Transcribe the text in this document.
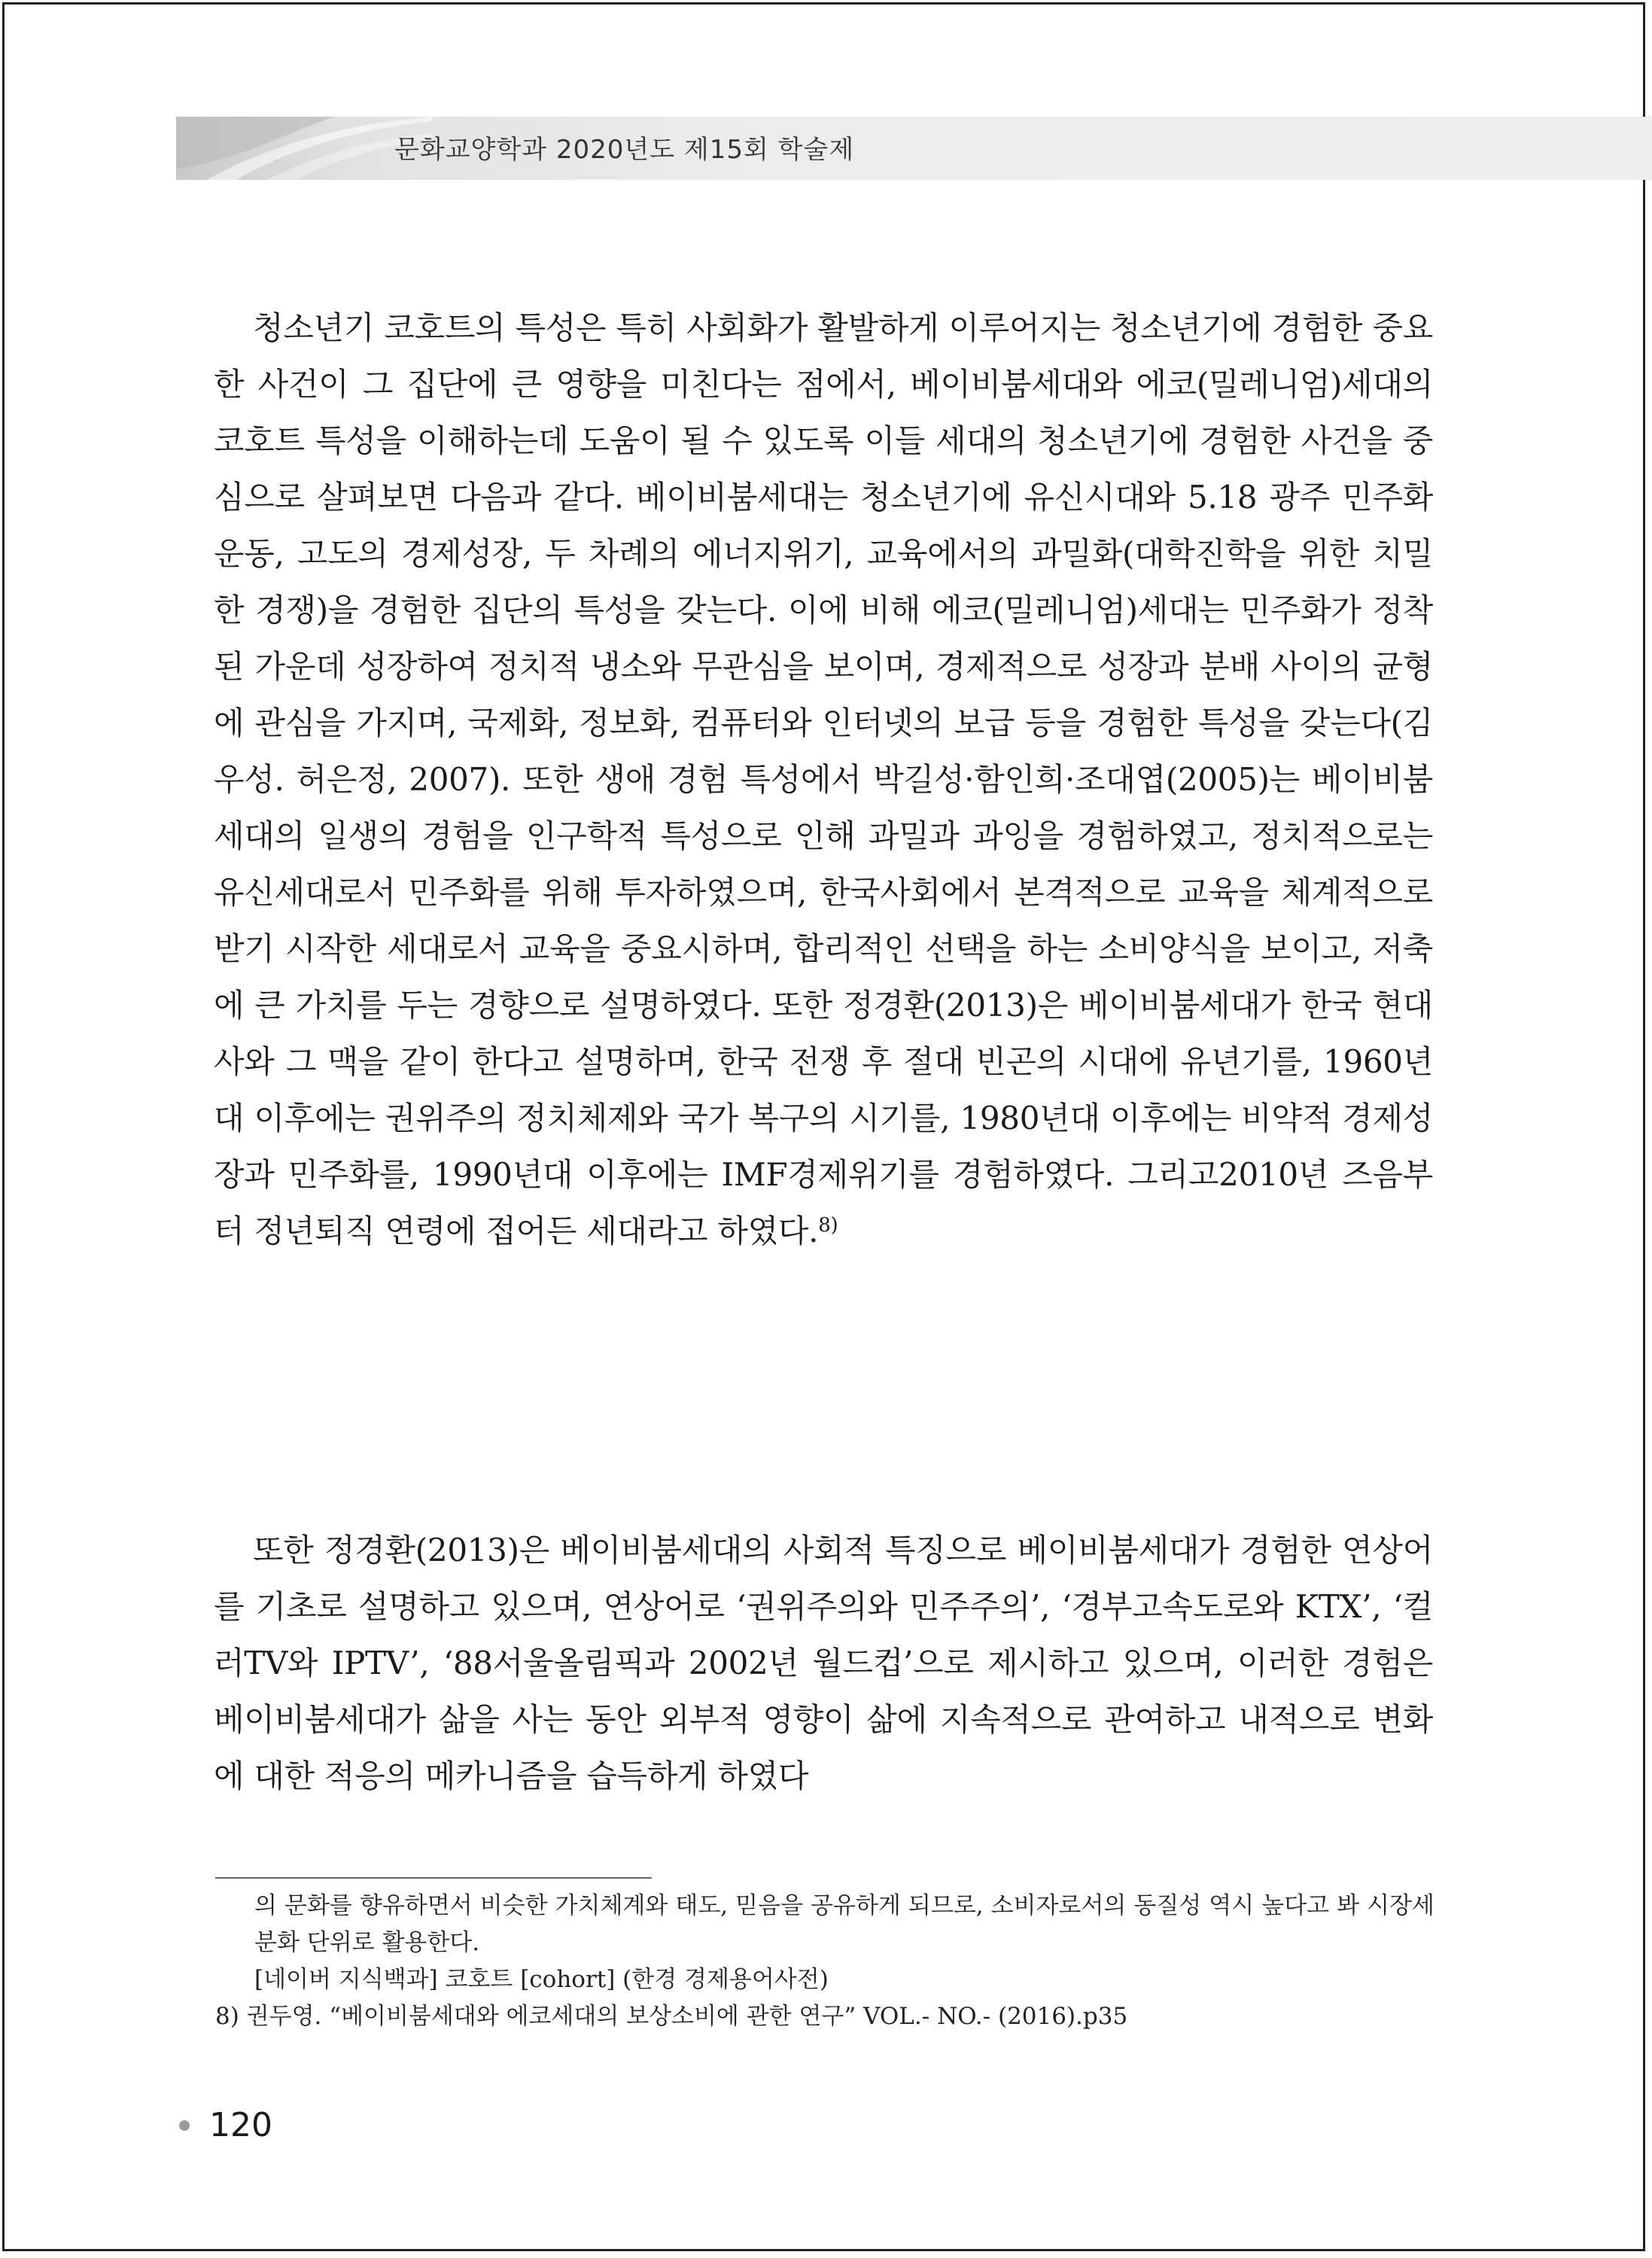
문화교양학과 2020년도 제15회 학술제

청소년기 코호트의 특성은 특히 사회화가 활발하게 이루어지는 청소년기에 경험한 중요한 사건이 그 집단에 큰 영향을 미친다는 점에서, 베이비붐세대와 에코(밀레니엄)세대의 코호트 특성을 이해하는데 도움이 될 수 있도록 이들 세대의 청소년기에 경험한 사건을 중심으로 살펴보면 다음과 같다. 베이비붐세대는 청소년기에 유신시대와 5.18 광주 민주화 운동, 고도의 경제성장, 두 차례의 에너지위기, 교육에서의 과밀화(대학진학을 위한 치밀한 경쟁)을 경험한 집단의 특성을 갖는다. 이에 비해 에코(밀레니엄)세대는 민주화가 정착된 가운데 성장하여 정치적 냉소와 무관심을 보이며, 경제적으로 성장과 분배 사이의 균형에 관심을 가지며, 국제화, 정보화, 컴퓨터와 인터넷의 보급 등을 경험한 특성을 갖는다(김우성. 허은정, 2007). 또한 생애 경험 특성에서 박길성·함인희·조대엽(2005)는 베이비붐세대의 일생의 경험을 인구학적 특성으로 인해 과밀과 과잉을 경험하였고, 정치적으로는 유신세대로서 민주화를 위해 투자하였으며, 한국사회에서 본격적으로 교육을 체계적으로 받기 시작한 세대로서 교육을 중요시하며, 합리적인 선택을 하는 소비양식을 보이고, 저축에 큰 가치를 두는 경향으로 설명하였다. 또한 정경환(2013)은 베이비붐세대가 한국 현대사와 그 맥을 같이 한다고 설명하며, 한국 전쟁 후 절대 빈곤의 시대에 유년기를, 1960년대 이후에는 권위주의 정치체제와 국가 복구의 시기를, 1980년대 이후에는 비약적 경제성장과 민주화를, 1990년대 이후에는 IMF경제위기를 경험하였다. 그리고2010년 즈음부터 정년퇴직 연령에 접어든 세대라고 하였다.$^{8)}$

또한 정경환(2013)은 베이비붐세대의 사회적 특징으로 베이비붐세대가 경험한 연상어를 기초로 설명하고 있으며, 연상어로 ‘권위주의와 민주주의’, ‘경부고속도로와 KTX’, ‘컬러TV와 IPTV’, ‘88서울올림픽과 2002년 월드컵’으로 제시하고 있으며, 이러한 경험은 베이비붐세대가 삶을 사는 동안 외부적 영향이 삶에 지속적으로 관여하고 내적으로 변화에 대한 적응의 메카니즘을 습득하게 하였다

의 문화를 향유하면서 비슷한 가치체계와 태도, 믿음을 공유하게 되므로, 소비자로서의 동질성 역시 높다고 봐 시장세분화 단위로 활용한다.

[네이버 지식백과] 코호트 [cohort] (한경 경제용어사전)

8) 권두영. “베이비붐세대와 에코세대의 보상소비에 관한 연구” VOL.- NO.- (2016).p35

120
